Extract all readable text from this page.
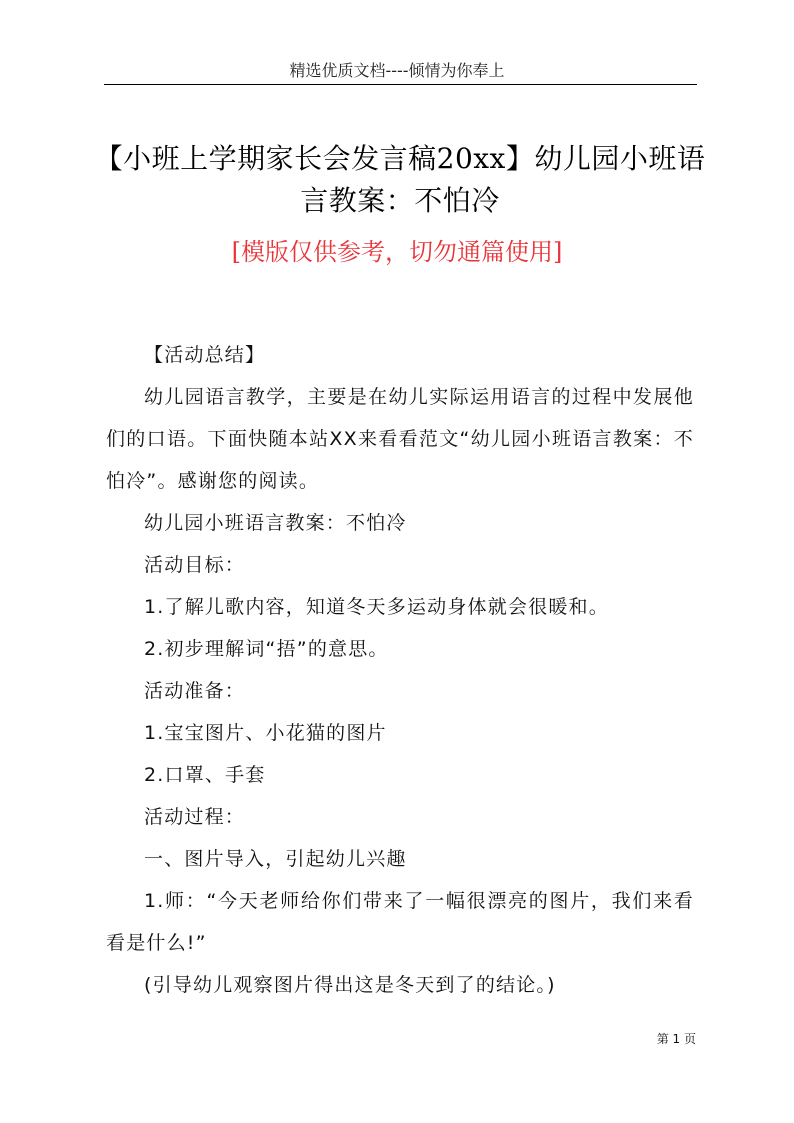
精选优质文档----倾情为你奉上
【小班上学期家长会发言稿20xx】幼儿园小班语言教案：不怕冷
[模版仅供参考，切勿通篇使用]

【活动总结】

幼儿园语言教学，主要是在幼儿实际运用语言的过程中发展他们的口语。下面快随本站XX来看看范文“幼儿园小班语言教案：不怕冷”。感谢您的阅读。

幼儿园小班语言教案：不怕冷

活动目标：

1.了解儿歌内容，知道冬天多运动身体就会很暖和。

2.初步理解词“捂”的意思。

活动准备：

1.宝宝图片、小花猫的图片

2.口罩、手套

活动过程：

一、图片导入，引起幼儿兴趣

1.师：“今天老师给你们带来了一幅很漂亮的图片，我们来看看是什么!”

(引导幼儿观察图片得出这是冬天到了的结论。)

第 1 页
